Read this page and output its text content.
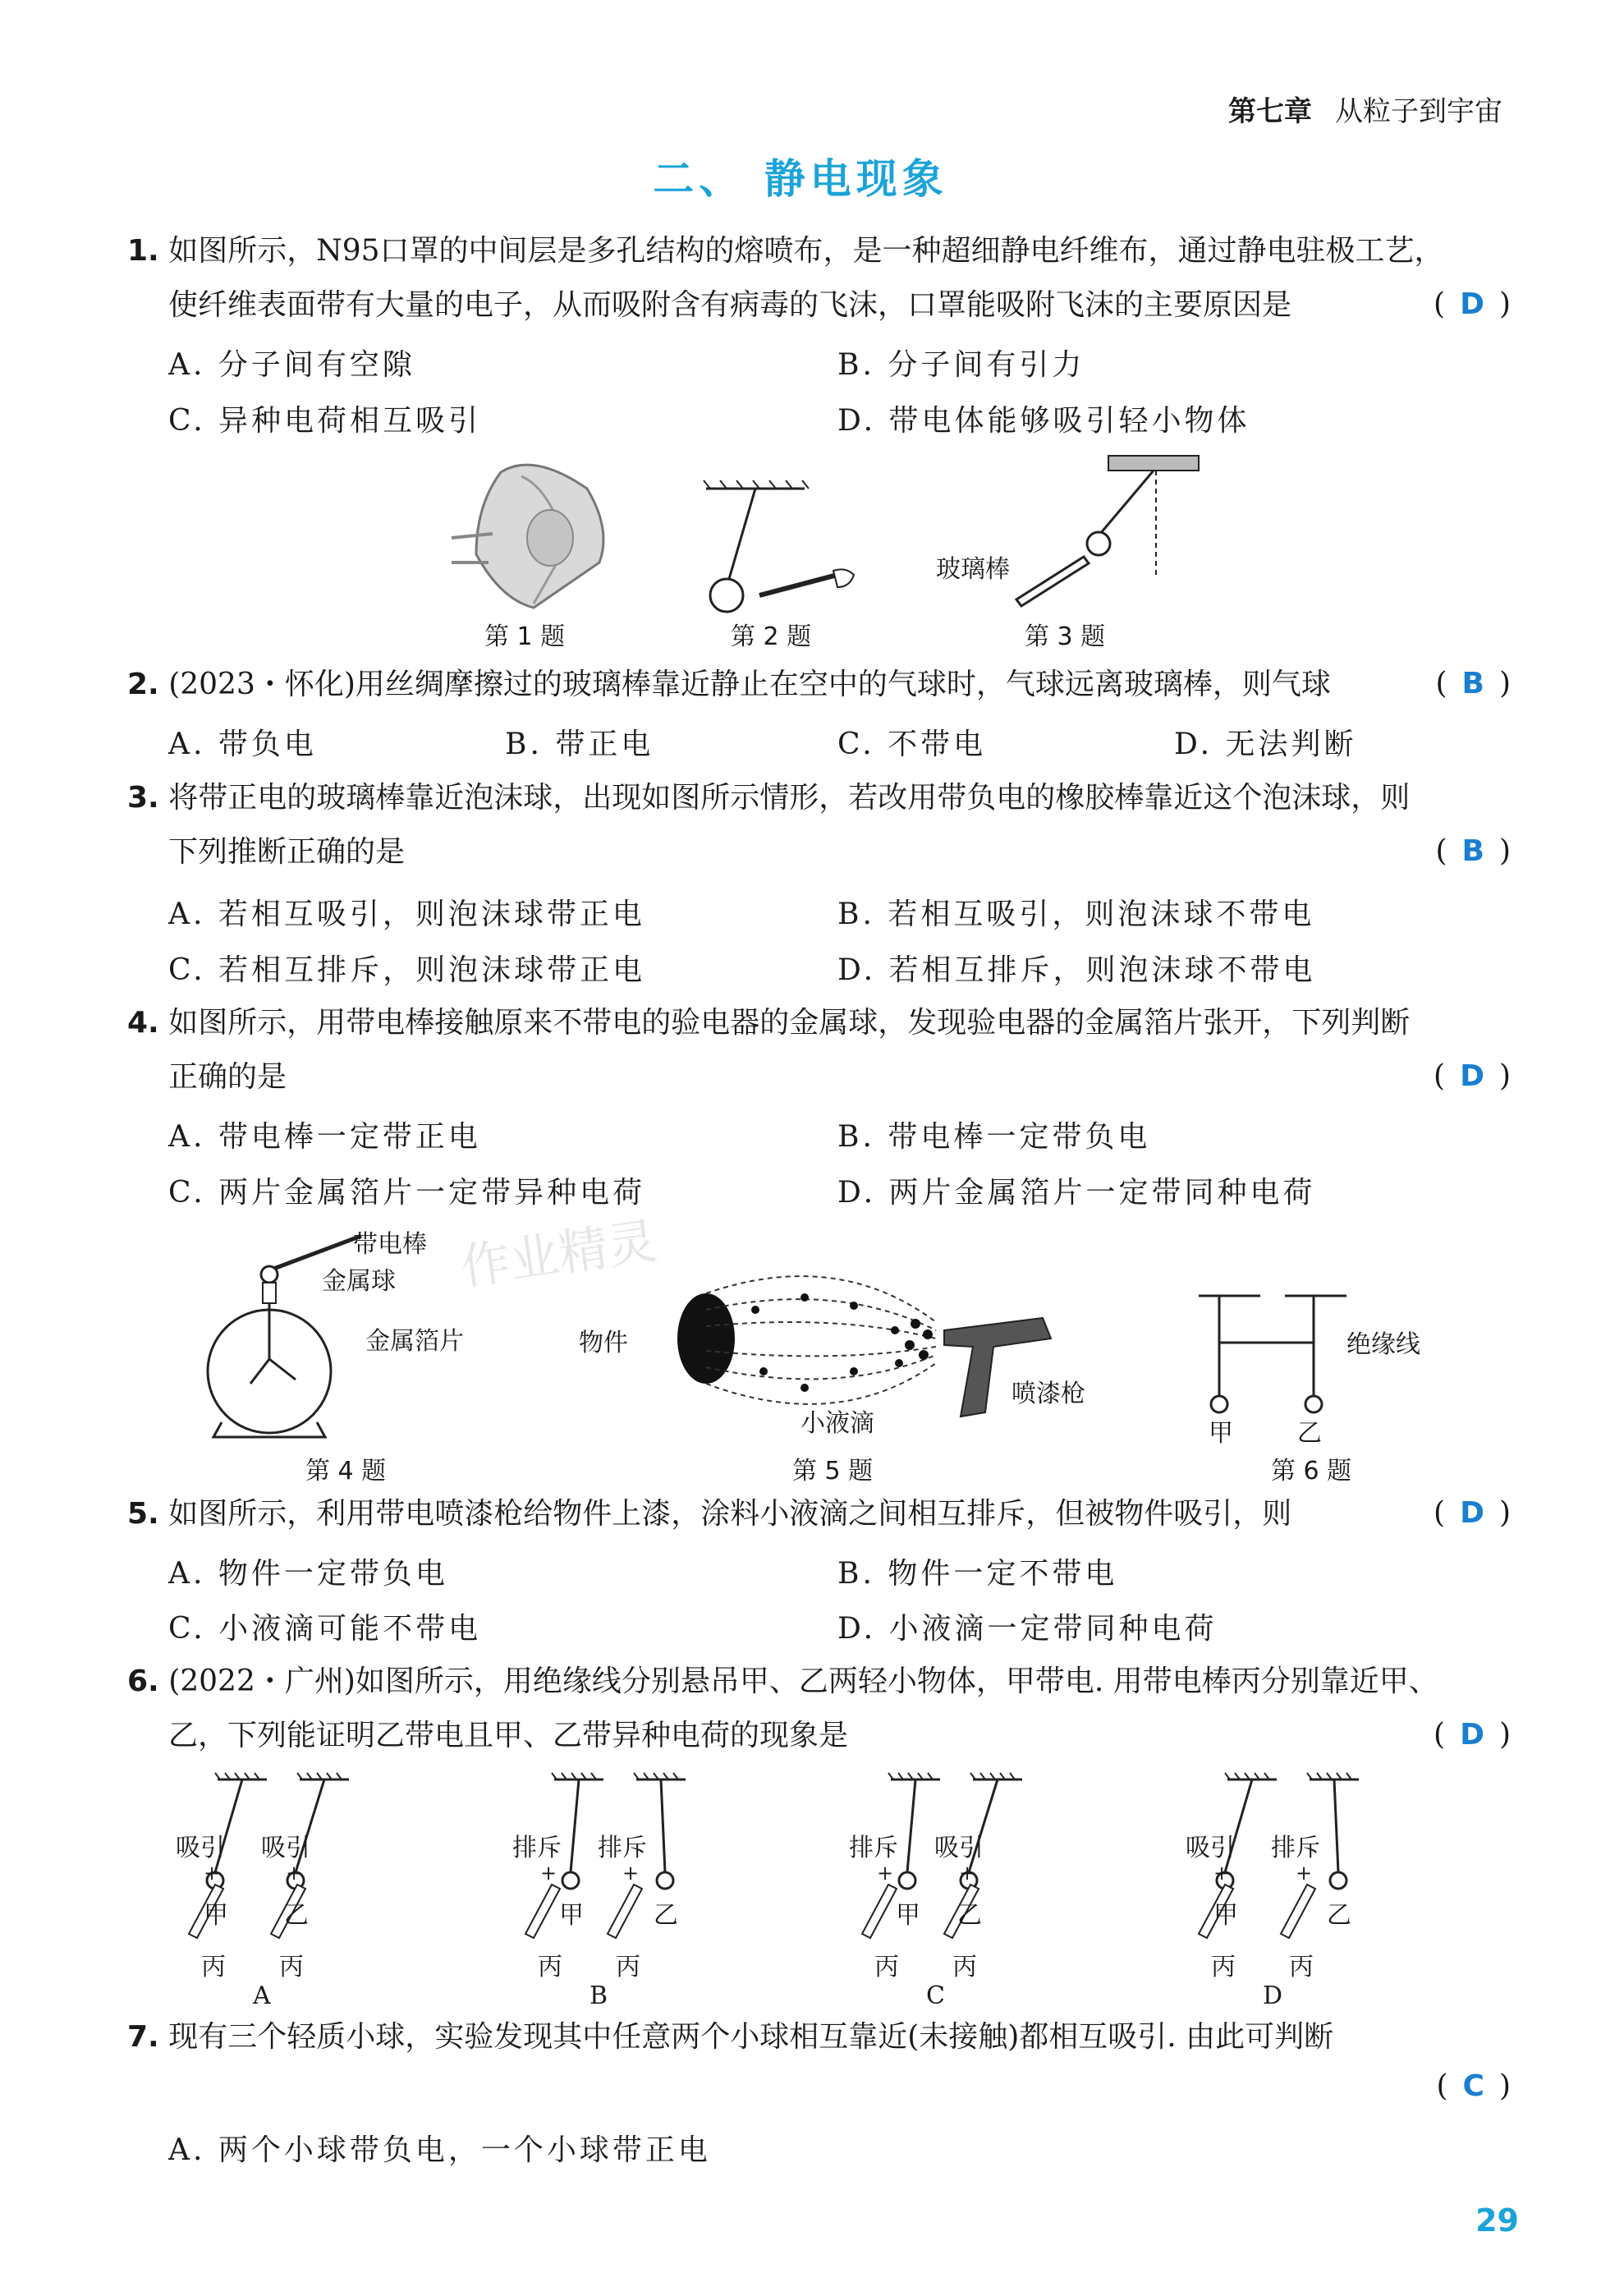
第七章 从粒子到宇宙
二、 静电现象
作业精灵
1. 如图所示，N95口罩的中间层是多孔结构的熔喷布，是一种超细静电纤维布，通过静电驻极工艺，
使纤维表面带有大量的电子，从而吸附含有病毒的飞沫，口罩能吸附飞沫的主要原因是	( D )
A. 分子间有空隙	B. 分子间有引力
C. 异种电荷相互吸引	D. 带电体能够吸引轻小物体
玻璃棒
第 1 题	第 2 题	第 3 题
2. (2023・怀化)用丝绸摩擦过的玻璃棒靠近静止在空中的气球时，气球远离玻璃棒，则气球	( B )
A. 带负电	B. 带正电	C. 不带电	D. 无法判断
3. 将带正电的玻璃棒靠近泡沫球，出现如图所示情形，若改用带负电的橡胶棒靠近这个泡沫球，则
下列推断正确的是	( B )
A. 若相互吸引，则泡沫球带正电	B. 若相互吸引，则泡沫球不带电
C. 若相互排斥，则泡沫球带正电	D. 若相互排斥，则泡沫球不带电
4. 如图所示，用带电棒接触原来不带电的验电器的金属球，发现验电器的金属箔片张开，下列判断
正确的是	( D )
A. 带电棒一定带正电	B. 带电棒一定带负电
C. 两片金属箔片一定带异种电荷	D. 两片金属箔片一定带同种电荷
带电棒
金属球
金属箔片	物件
小液滴
喷漆枪
绝缘线
甲	乙
第 4 题	第 5 题	第 6 题
5. 如图所示，利用带电喷漆枪给物件上漆，涂料小液滴之间相互排斥，但被物件吸引，则	( D )
A. 物件一定带负电	B. 物件一定不带电
C. 小液滴可能不带电	D. 小液滴一定带同种电荷
6. (2022・广州)如图所示，用绝缘线分别悬吊甲、乙两轻小物体，甲带电. 用带电棒丙分别靠近甲、
乙，下列能证明乙带电且甲、乙带异种电荷的现象是	( D )
吸引 吸引
+	+
甲 乙
丙 丙
A
排斥 排斥
+	+
甲	乙
丙 丙
B
排斥 吸引
+	+
甲 乙
丙 丙
C
吸引 排斥
+	+
甲	乙
丙 丙
D
7. 现有三个轻质小球，实验发现其中任意两个小球相互靠近(未接触)都相互吸引. 由此可判断
( C )
A. 两个小球带负电，一个小球带正电
29
